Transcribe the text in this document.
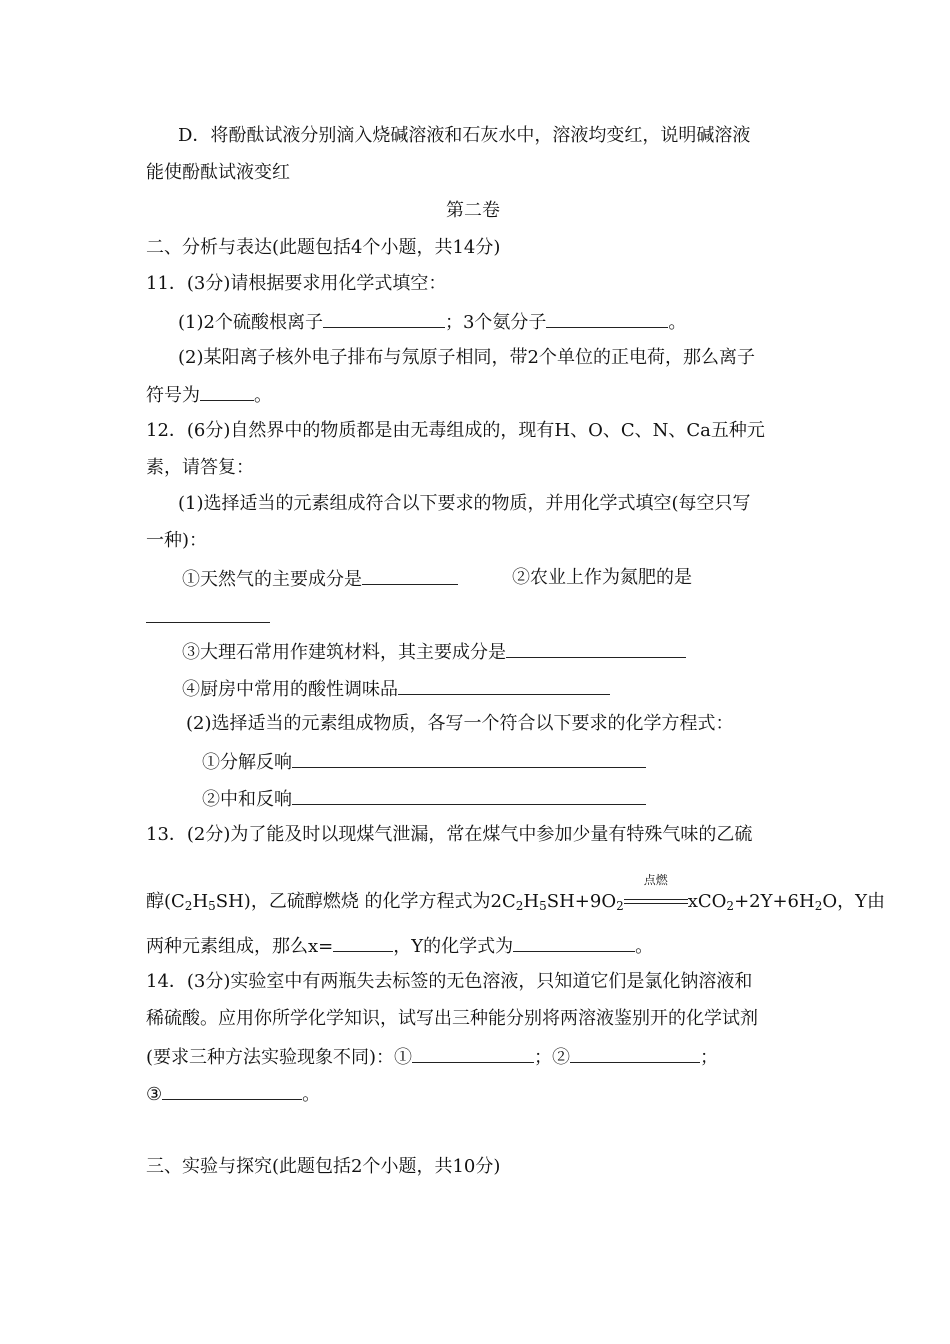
D．将酚酞试液分别滴入烧碱溶液和石灰水中，溶液均变红，说明碱溶液
能使酚酞试液变红
第二卷
二、分析与表达(此题包括4个小题，共14分)
11．(3分)请根据要求用化学式填空：
(1)2个硫酸根离子	；3个氨分子	。
(2)某阳离子核外电子排布与氖原子相同，带2个单位的正电荷，那么离子
符号为	。
12．(6分)自然界中的物质都是由无毒组成的，现有H、O、C、N、Ca五种元
素，请答复：
(1)选择适当的元素组成符合以下要求的物质，并用化学式填空(每空只写
一种)：
①天然气的主要成分是	②农业上作为氮肥的是
③大理石常用作建筑材料，其主要成分是
④厨房中常用的酸性调味品
(2)选择适当的元素组成物质，各写一个符合以下要求的化学方程式：
①分解反响
②中和反响
13．(2分)为了能及时以现煤气泄漏，常在煤气中参加少量有特殊气味的乙硫
醇$(C_2H_5SH)$，乙硫醇燃烧 的化学方程式为$2C_2H_5SH+9O_2$
点燃
$xCO_2+2Y+6H_2O$，Y由
两种元素组成，那么x=	，Y的化学式为	。
14．(3分)实验室中有两瓶失去标签的无色溶液，只知道它们是氯化钠溶液和
稀硫酸。应用你所学化学知识，试写出三种能分别将两溶液鉴别开的化学试剂
(要求三种方法实验现象不同)：①	；②	；
③	。
三、实验与探究(此题包括2个小题，共10分)
